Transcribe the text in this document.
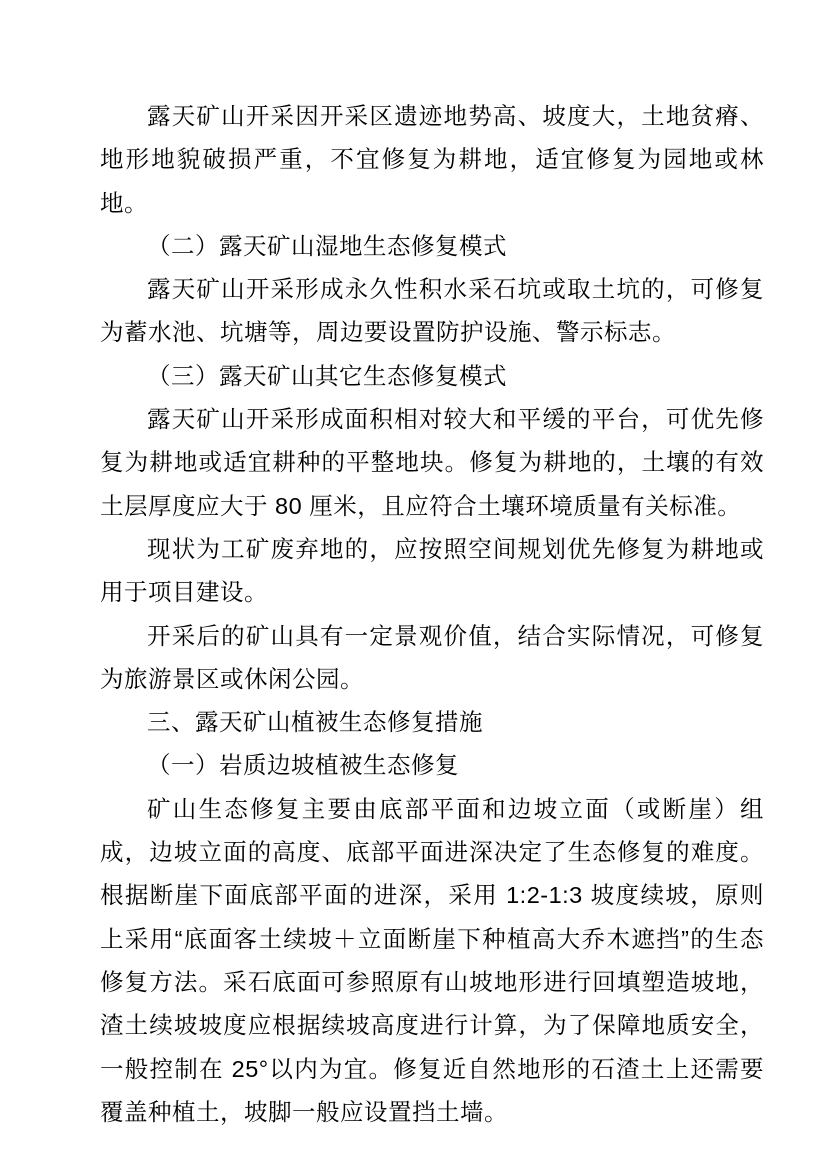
露天矿山开采因开采区遗迹地势高、坡度大，土地贫瘠、地形地貌破损严重，不宜修复为耕地，适宜修复为园地或林地。

（二）露天矿山湿地生态修复模式

露天矿山开采形成永久性积水采石坑或取土坑的，可修复为蓄水池、坑塘等，周边要设置防护设施、警示标志。

（三）露天矿山其它生态修复模式

露天矿山开采形成面积相对较大和平缓的平台，可优先修复为耕地或适宜耕种的平整地块。修复为耕地的，土壤的有效土层厚度应大于 80 厘米，且应符合土壤环境质量有关标准。

现状为工矿废弃地的，应按照空间规划优先修复为耕地或用于项目建设。

开采后的矿山具有一定景观价值，结合实际情况，可修复为旅游景区或休闲公园。

三、露天矿山植被生态修复措施

（一）岩质边坡植被生态修复

矿山生态修复主要由底部平面和边坡立面（或断崖）组成，边坡立面的高度、底部平面进深决定了生态修复的难度。根据断崖下面底部平面的进深，采用 1:2-1:3 坡度续坡，原则上采用“底面客土续坡＋立面断崖下种植高大乔木遮挡”的生态修复方法。采石底面可参照原有山坡地形进行回填塑造坡地，渣土续坡坡度应根据续坡高度进行计算，为了保障地质安全，一般控制在 25°以内为宜。修复近自然地形的石渣土上还需要覆盖种植土，坡脚一般应设置挡土墙。
